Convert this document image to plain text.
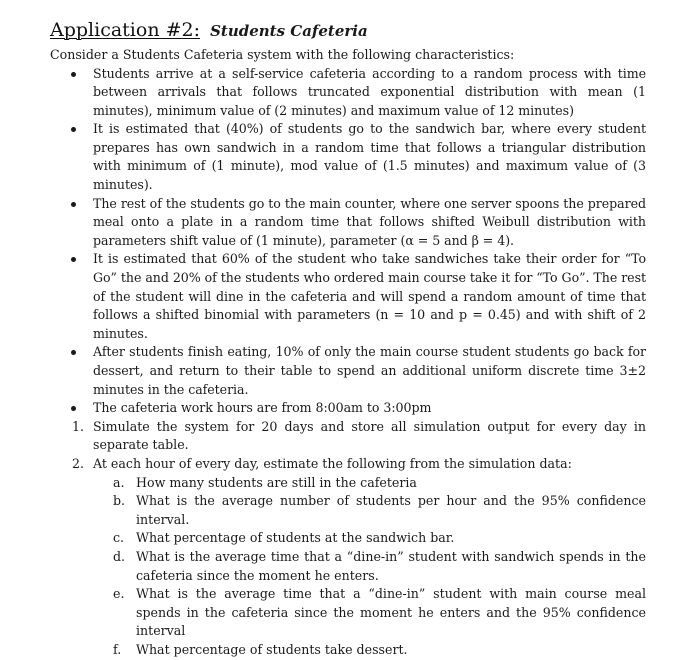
Application #2: Students Cafeteria

Consider a Students Cafeteria system with the following characteristics:

Students arrive at a self-service cafeteria according to a random process with time between arrivals that follows truncated exponential distribution with mean (1 minutes), minimum value of (2 minutes) and maximum value of 12 minutes)
It is estimated that (40%) of students go to the sandwich bar, where every student prepares has own sandwich in a random time that follows a triangular distribution with minimum of (1 minute), mod value of (1.5 minutes) and maximum value of (3 minutes).
The rest of the students go to the main counter, where one server spoons the prepared meal onto a plate in a random time that follows shifted Weibull distribution with parameters shift value of (1 minute), parameter (α = 5 and β = 4).
It is estimated that 60% of the student who take sandwiches take their order for “To Go” the and 20% of the students who ordered main course take it for “To Go”. The rest of the student will dine in the cafeteria and will spend a random amount of time that follows a shifted binomial with parameters (n = 10 and p = 0.45) and with shift of 2 minutes.
After students finish eating, 10% of only the main course student students go back for dessert, and return to their table to spend an additional uniform discrete time 3±2 minutes in the cafeteria.
The cafeteria work hours are from 8:00am to 3:00pm
1. Simulate the system for 20 days and store all simulation output for every day in separate table.
2. At each hour of every day, estimate the following from the simulation data:
a. How many students are still in the cafeteria
b. What is the average number of students per hour and the 95% confidence interval.
c. What percentage of students at the sandwich bar.
d. What is the average time that a “dine-in” student with sandwich spends in the cafeteria since the moment he enters.
e. What is the average time that a “dine-in” student with main course meal spends in the cafeteria since the moment he enters and the 95% confidence interval
f. What percentage of students take dessert.
